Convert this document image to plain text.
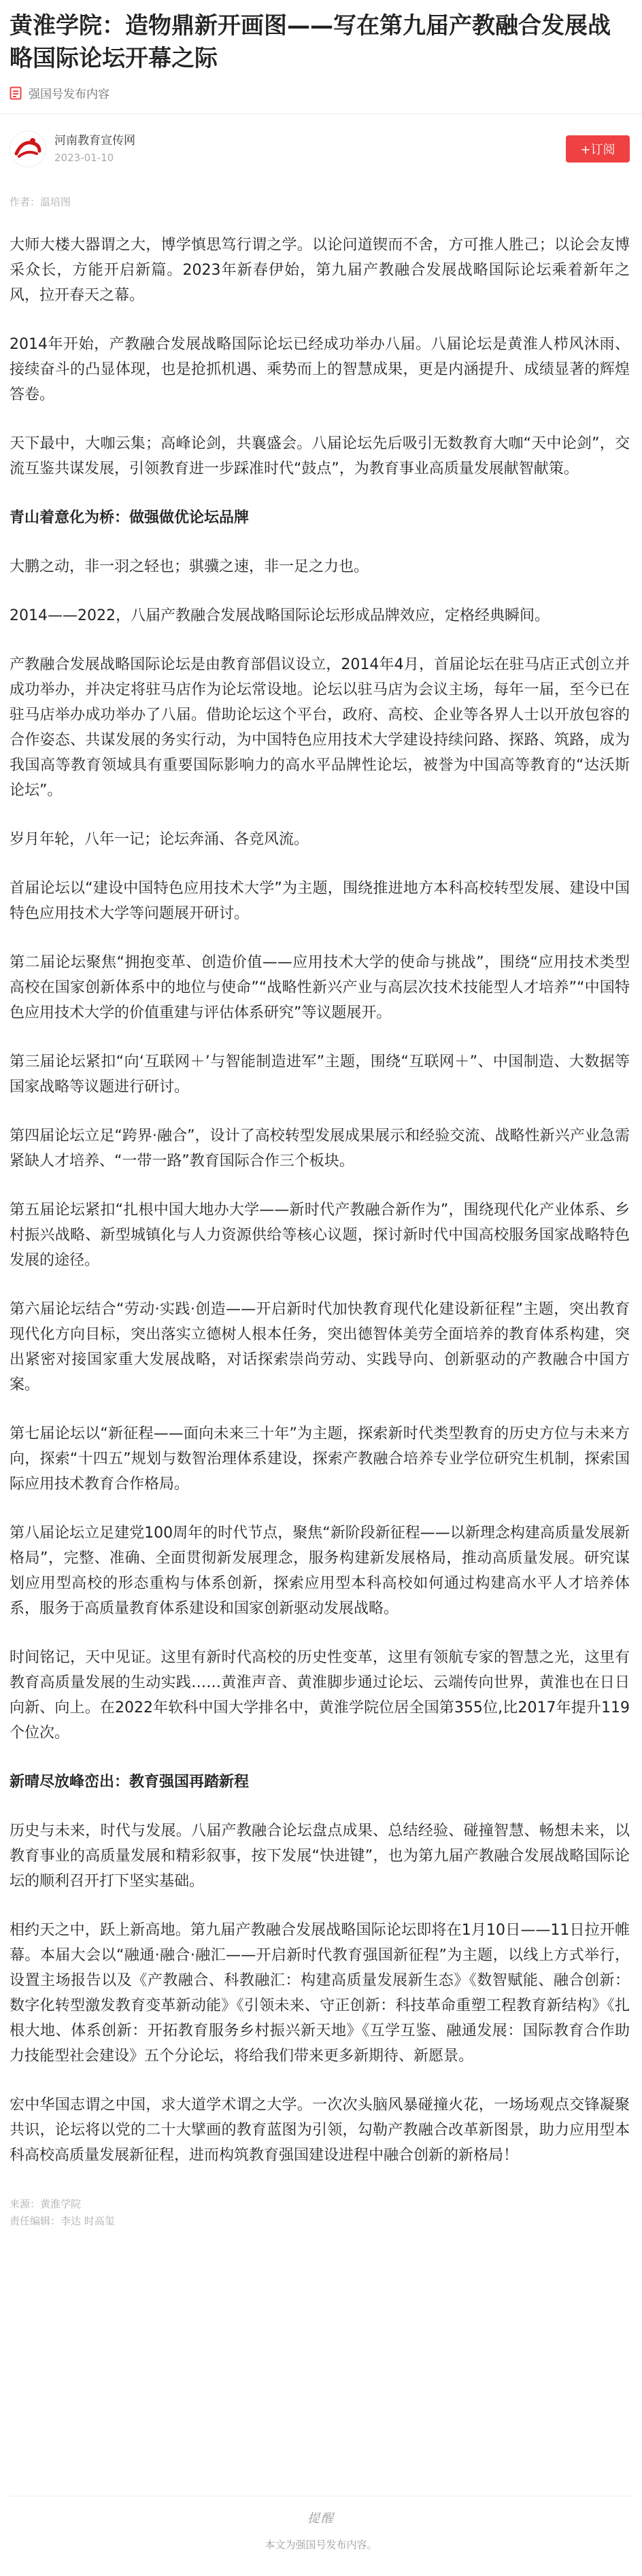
黄淮学院：造物鼎新开画图——写在第九届产教融合发展战略国际论坛开幕之际
强国号发布内容
河南教育宣传网
2023-01-10
+订阅
作者：温培图

大师大楼大器谓之大，博学慎思笃行谓之学。以论问道锲而不舍，方可推人胜己；以论会友博采众长，方能开启新篇。2023年新春伊始，第九届产教融合发展战略国际论坛乘着新年之风，拉开春天之幕。

2014年开始，产教融合发展战略国际论坛已经成功举办八届。八届论坛是黄淮人栉风沐雨、接续奋斗的凸显体现，也是抢抓机遇、乘势而上的智慧成果，更是内涵提升、成绩显著的辉煌答卷。

天下最中，大咖云集；高峰论剑，共襄盛会。八届论坛先后吸引无数教育大咖“天中论剑”，交流互鉴共谋发展，引领教育进一步踩准时代“鼓点”，为教育事业高质量发展献智献策。

青山着意化为桥：做强做优论坛品牌

大鹏之动，非一羽之轻也；骐骥之速，非一足之力也。

2014——2022，八届产教融合发展战略国际论坛形成品牌效应，定格经典瞬间。

产教融合发展战略国际论坛是由教育部倡议设立，2014年4月，首届论坛在驻马店正式创立并成功举办，并决定将驻马店作为论坛常设地。论坛以驻马店为会议主场，每年一届，至今已在驻马店举办成功举办了八届。借助论坛这个平台，政府、高校、企业等各界人士以开放包容的合作姿态、共谋发展的务实行动，为中国特色应用技术大学建设持续问路、探路、筑路，成为我国高等教育领域具有重要国际影响力的高水平品牌性论坛，被誉为中国高等教育的“达沃斯论坛”。

岁月年轮，八年一记；论坛奔涌、各竞风流。

首届论坛以“建设中国特色应用技术大学”为主题，围绕推进地方本科高校转型发展、建设中国特色应用技术大学等问题展开研讨。

第二届论坛聚焦“拥抱变革、创造价值——应用技术大学的使命与挑战”，围绕“应用技术类型高校在国家创新体系中的地位与使命”“战略性新兴产业与高层次技术技能型人才培养”“中国特色应用技术大学的价值重建与评估体系研究”等议题展开。

第三届论坛紧扣“向‘互联网＋’与智能制造进军”主题，围绕“互联网＋”、中国制造、大数据等国家战略等议题进行研讨。

第四届论坛立足“跨界·融合”，设计了高校转型发展成果展示和经验交流、战略性新兴产业急需紧缺人才培养、“一带一路”教育国际合作三个板块。

第五届论坛紧扣“扎根中国大地办大学——新时代产教融合新作为”，围绕现代化产业体系、乡村振兴战略、新型城镇化与人力资源供给等核心议题，探讨新时代中国高校服务国家战略特色发展的途径。

第六届论坛结合“劳动·实践·创造——开启新时代加快教育现代化建设新征程”主题，突出教育现代化方向目标，突出落实立德树人根本任务，突出德智体美劳全面培养的教育体系构建，突出紧密对接国家重大发展战略，对话探索崇尚劳动、实践导向、创新驱动的产教融合中国方案。

第七届论坛以“新征程——面向未来三十年”为主题，探索新时代类型教育的历史方位与未来方向，探索“十四五”规划与数智治理体系建设，探索产教融合培养专业学位研究生机制，探索国际应用技术教育合作格局。

第八届论坛立足建党100周年的时代节点，聚焦“新阶段新征程——以新理念构建高质量发展新格局”，完整、准确、全面贯彻新发展理念，服务构建新发展格局，推动高质量发展。研究谋划应用型高校的形态重构与体系创新，探索应用型本科高校如何通过构建高水平人才培养体系，服务于高质量教育体系建设和国家创新驱动发展战略。

时间铭记，天中见证。这里有新时代高校的历史性变革，这里有领航专家的智慧之光，这里有教育高质量发展的生动实践……黄淮声音、黄淮脚步通过论坛、云端传向世界，黄淮也在日日向新、向上。在2022年软科中国大学排名中，黄淮学院位居全国第355位,比2017年提升119个位次。

新晴尽放峰峦出：教育强国再踏新程

历史与未来，时代与发展。八届产教融合论坛盘点成果、总结经验、碰撞智慧、畅想未来，以教育事业的高质量发展和精彩叙事，按下发展“快进键”，也为第九届产教融合发展战略国际论坛的顺利召开打下坚实基础。

相约天之中，跃上新高地。第九届产教融合发展战略国际论坛即将在1月10日——11日拉开帷幕。本届大会以“融通·融合·融汇——开启新时代教育强国新征程”为主题，以线上方式举行，设置主场报告以及《产教融合、科教融汇：构建高质量发展新生态》《数智赋能、融合创新：数字化转型激发教育变革新动能》《引领未来、守正创新：科技革命重塑工程教育新结构》《扎根大地、体系创新：开拓教育服务乡村振兴新天地》《互学互鉴、融通发展：国际教育合作助力技能型社会建设》五个分论坛，将给我们带来更多新期待、新愿景。

宏中华国志谓之中国，求大道学术谓之大学。一次次头脑风暴碰撞火花，一场场观点交锋凝聚共识，论坛将以党的二十大擘画的教育蓝图为引领，勾勒产教融合改革新图景，助力应用型本科高校高质量发展新征程，进而构筑教育强国建设进程中融合创新的新格局！

来源：黄淮学院
责任编辑：李达 时高玺
提醒
本文为强国号发布内容。
